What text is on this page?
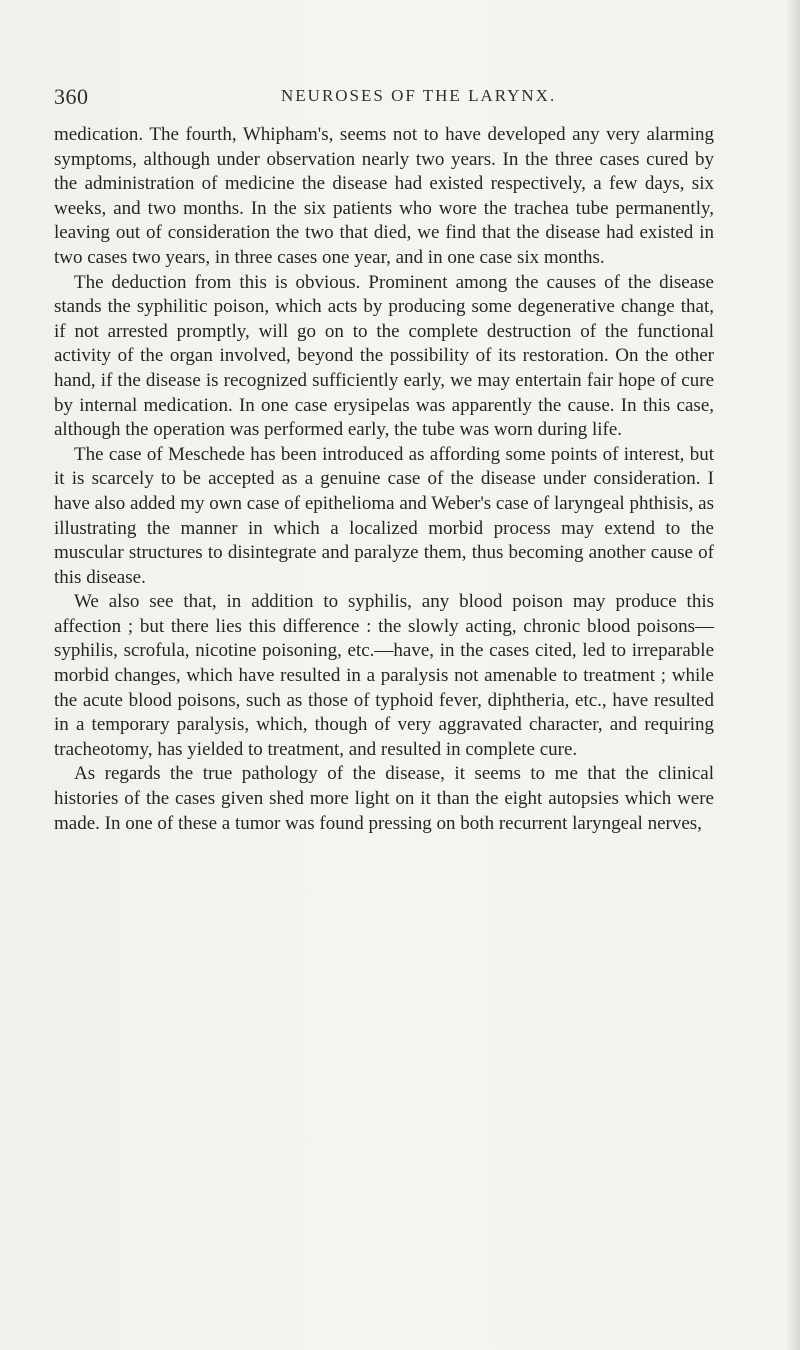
360	NEUROSES OF THE LARYNX.

medication. The fourth, Whipham's, seems not to have developed any very alarming symptoms, although under observation nearly two years. In the three cases cured by the administration of medicine the disease had existed respectively, a few days, six weeks, and two months. In the six patients who wore the trachea tube permanently, leaving out of consideration the two that died, we find that the disease had existed in two cases two years, in three cases one year, and in one case six months.

The deduction from this is obvious. Prominent among the causes of the disease stands the syphilitic poison, which acts by producing some degenerative change that, if not arrested promptly, will go on to the complete destruction of the functional activity of the organ involved, beyond the possibility of its restoration. On the other hand, if the disease is recognized sufficiently early, we may entertain fair hope of cure by internal medication. In one case erysipelas was apparently the cause. In this case, although the operation was performed early, the tube was worn during life.

The case of Meschede has been introduced as affording some points of interest, but it is scarcely to be accepted as a genuine case of the disease under consideration. I have also added my own case of epithelioma and Weber's case of laryngeal phthisis, as illustrating the manner in which a localized morbid process may extend to the muscular structures to disintegrate and paralyze them, thus becoming another cause of this disease.

We also see that, in addition to syphilis, any blood poison may produce this affection ; but there lies this difference : the slowly acting, chronic blood poisons—syphilis, scrofula, nicotine poisoning, etc.—have, in the cases cited, led to irreparable morbid changes, which have resulted in a paralysis not amenable to treatment ; while the acute blood poisons, such as those of typhoid fever, diphtheria, etc., have resulted in a temporary paralysis, which, though of very aggravated character, and requiring tracheotomy, has yielded to treatment, and resulted in complete cure.

As regards the true pathology of the disease, it seems to me that the clinical histories of the cases given shed more light on it than the eight autopsies which were made. In one of these a tumor was found pressing on both recurrent laryngeal nerves,
